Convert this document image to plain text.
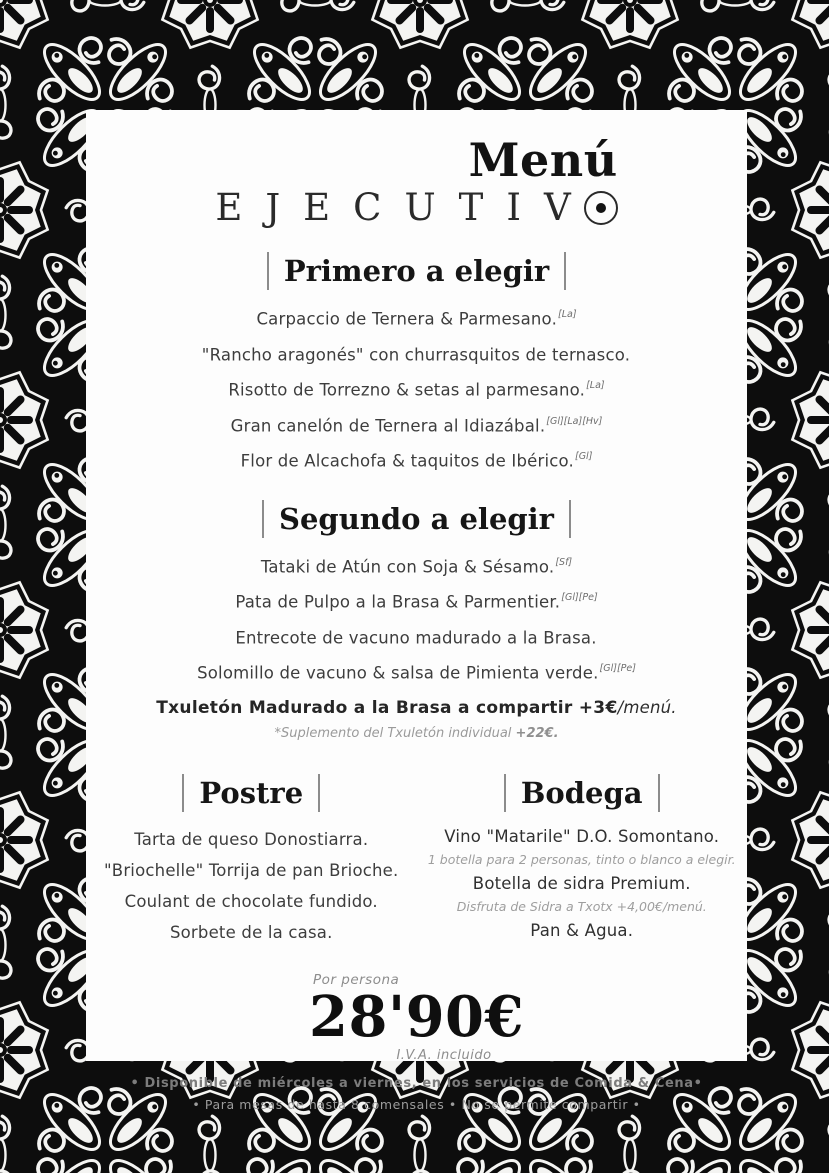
Menú
EJECUTIV
Primero a elegir
Carpaccio de Ternera & Parmesano.[La]
"Rancho aragonés" con churrasquitos de ternasco.
Risotto de Torrezno & setas al parmesano.[La]
Gran canelón de Ternera al Idiazábal.[Gl][La][Hv]
Flor de Alcachofa & taquitos de Ibérico.[Gl]
Segundo a elegir
Tataki de Atún con Soja & Sésamo.[Sf]
Pata de Pulpo a la Brasa & Parmentier.[Gl][Pe]
Entrecote de vacuno madurado a la Brasa.
Solomillo de vacuno & salsa de Pimienta verde.[Gl][Pe]
Txuletón Madurado a la Brasa a compartir +3€/menú.
*Suplemento del Txuletón individual +22€.
Postre
Tarta de queso Donostiarra.
"Briochelle" Torrija de pan Brioche.
Coulant de chocolate fundido.
Sorbete de la casa.
Bodega
Vino "Matarile" D.O. Somontano.
1 botella para 2 personas, tinto o blanco a elegir.
Botella de sidra Premium.
Disfruta de Sidra a Txotx +4,00€/menú.
Pan & Agua.
Por persona
28'90€
I.V.A. incluido
• Disponible de miércoles a viernes, en los servicios de Comida & Cena•
• Para mesas de hasta 8 comensales • No se permite compartir •
